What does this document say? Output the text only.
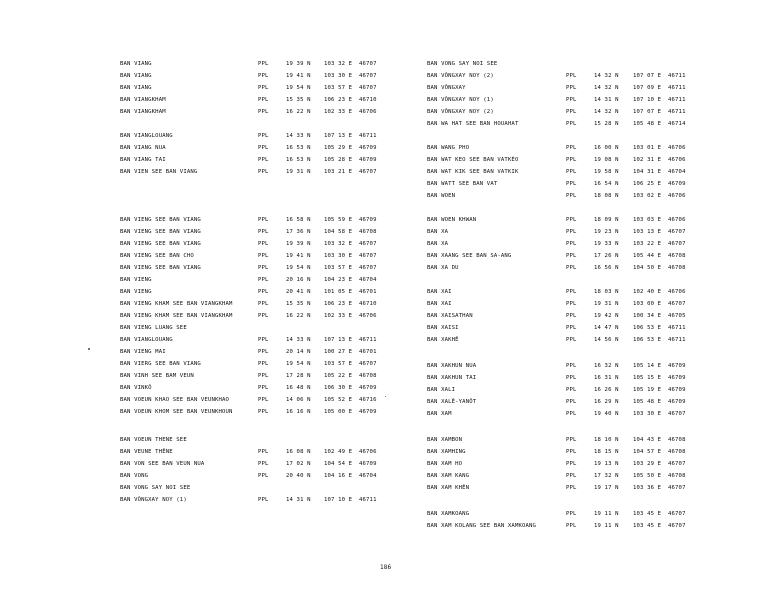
BAN VIANG	PPL	19 39 N 103 32 E 46707
BAN VIANG	PPL	19 41 N 103 30 E 46707
BAN VIANG	PPL	19 54 N 103 57 E 46707
BAN VIANGKHAM	PPL	15 35 N 106 23 E 46710
BAN VIANGKHAM	PPL	16 22 N 102 33 E 46706
BAN VIANGLOUANG	PPL	14 33 N 107 13 E 46711
BAN VIANG NUA	PPL	16 53 N 105 29 E 46709
BAN VIANG TAI	PPL	16 53 N 105 28 E 46709
BAN VIEN SEE BAN VIANG	PPL	19 31 N 103 21 E 46707
BAN VIENG SEE BAN VIANG	PPL	16 58 N 105 59 E 46709
BAN VIENG SEE BAN VIANG	PPL	17 36 N 104 58 E 46708
BAN VIENG SEE BAN VIANG	PPL	19 39 N 103 32 E 46707
BAN VIENG SEE BAN CHO	PPL	19 41 N 103 30 E 46707
BAN VIENG SEE BAN VIANG	PPL	19 54 N 103 57 E 46707
BAN VIENG	PPL	20 16 N 104 23 E 46704
BAN VIENG	PPL	20 41 N 101 05 E 46701
BAN VIENG KHAM SEE BAN VIANGKHAM	PPL	15 35 N 106 23 E 46710
BAN VIENG KHAM SEE BAN VIANGKHAM	PPL	16 22 N 102 33 E 46706
BAN VIENG LUANG SEE
BAN VIANGLOUANG	PPL	14 33 N 107 13 E 46711
BAN VIENG MAI	PPL	20 14 N 100 27 E 46701
BAN VIERG SEE BAN VIANG	PPL	19 54 N 103 57 E 46707
BAN VINH SEE BAM VEUN	PPL	17 28 N 105 22 E 46708
BAN VINKÔ	PPL	16 48 N 106 30 E 46709
BAN VOEUN KHAO SEE BAN VEUNKHAO	PPL	14 06 N 105 52 E 46716
BAN VOEUN KHOM SEE BAN VEUNKHOUN	PPL	16 16 N 105 00 E 46709
BAN VOEUN THENE SEE
BAN VEUNE THÊNE	PPL	16 08 N 102 49 E 46706
BAN VON SEE BAN VEUN NUA	PPL	17 02 N 104 54 E 46709
BAN VONG	PPL	20 40 N 104 16 E 46704
BAN VONG SAY NOI SEE
BAN VÔNGXAY NOY (1)	PPL	14 31 N 107 10 E 46711
BAN VONG SAY NOI SEE
BAN VÔNGXAY NOY (2)	PPL	14 32 N	107 07 E 46711
BAN VÔNGXAY	PPL	14 32 N	107 09 E 46711
BAN VÔNGXAY NOY (1)	PPL	14 31 N	107 10 E 46711
BAN VÔNGXAY NOY (2)	PPL	14 32 N	107 07 E 46711
BAN WA HAT SEE BAN HOUAHAT	PPL	15 28 N	105 48 E 46714
BAN WANG PHO	PPL	16 00 N	103 01 E 46706
BAN WAT KEO SEE BAN VATKÉO	PPL	19 08 N	102 31 E 46706
BAN WAT KIK SEE BAN VATKIK	PPL	19 58 N	104 31 E 46704
BAN WATT SEE BAN VAT	PPL	16 54 N	106 25 E 46709
BAN WOEN	PPL	18 08 N	103 02 E 46706
BAN WOEN KHWAN	PPL	18 09 N	103 03 E 46706
BAN XA	PPL	19 23 N	103 13 E 46707
BAN XA	PPL	19 33 N	103 22 E 46707
BAN XAANG SEE BAN SA-ANG	PPL	17 26 N	105 44 E 46708
BAN XA DU	PPL	16 56 N	104 50 E 46708
BAN XAI	PPL	18 03 N	102 40 E 46706
BAN XAI	PPL	19 31 N	103 00 E 46707
BAN XAISATHAN	PPL	19 42 N	100 34 E 46705
BAN XAISI	PPL	14 47 N	106 53 E 46711
BAN XAKHÊ	PPL	14 56 N	106 53 E 46711
BAN XAKHUN NUA	PPL	16 32 N	105 14 E 46709
BAN XAKHUN TAI	PPL	16 31 N	105 15 E 46709
BAN XALI	PPL	16 26 N	105 19 E 46709
BAN XALÊ-YANÔT	PPL	16 29 N	105 48 E 46709
BAN XAM	PPL	19 40 N	103 30 E 46707
BAN XAMBON	PPL	18 10 N	104 43 E 46708
BAN XAMHING	PPL	18 15 N	104 57 E 46708
BAN XAM HO	PPL	19 13 N	103 29 E 46707
BAN XAM KANG	PPL	17 32 N	105 50 E 46708
BAN XAM KHÊN	PPL	19 17 N	103 36 E 46707
BAN XAMKOANG	PPL	19 11 N	103 45 E 46707
BAN XAM KOLANG SEE BAN XAMKOANG	PPL	19 11 N	103 45 E 46707
186
